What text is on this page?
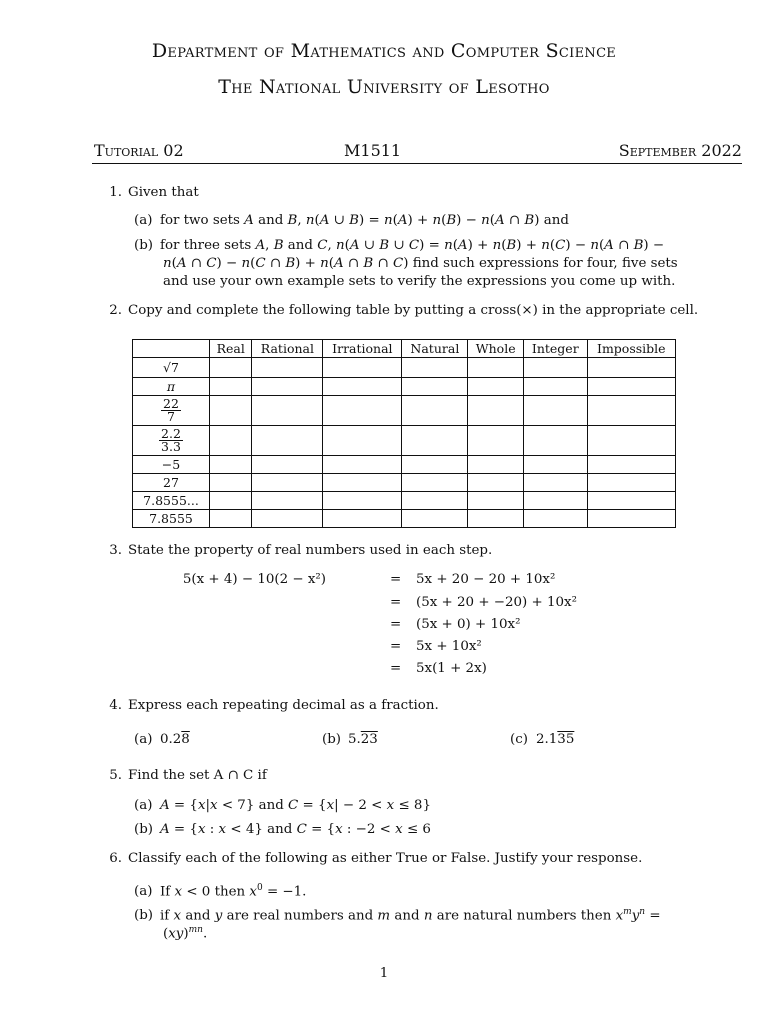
Department of Mathematics and Computer Science
The National University of Lesotho
Tutorial 02	M1511	September 2022
1. Given that
(a) for two sets A and B, n(A ∪ B) = n(A) + n(B) − n(A ∩ B) and
(b) for three sets A, B and C, n(A ∪ B ∪ C) = n(A) + n(B) + n(C) − n(A ∩ B) −
n(A ∩ C) − n(C ∩ B) + n(A ∩ B ∩ C) find such expressions for four, five sets
and use your own example sets to verify the expressions you come up with.
2. Copy and complete the following table by putting a cross(×) in the appropriate cell.
	Real	Rational	Irrational	Natural	Whole	Integer	Impossible
√7							
π							

$\frac{22}{7}$

$\frac{2.2}{3.3}$

−5							
27							
7.8555...							
7.8555							
3. State the property of real numbers used in each step.
5(x + 4) − 10(2 − x²)	= 5x + 20 − 20 + 10x²
= (5x + 20 + −20) + 10x²
= (5x + 0) + 10x²
= 5x + 10x²
= 5x(1 + 2x)
4. Express each repeating decimal as a fraction.
(a) 0.28	(b) 5.23	(c) 2.135
5. Find the set A ∩ C if
(a) A = {x|x < 7} and C = {x| − 2 < x ≤ 8}
(b) A = {x : x < 4} and C = {x : −2 < x ≤ 6
6. Classify each of the following as either True or False. Justify your response.
(a) If x < 0 then $x^0 = -1$.
(b) if x and y are real numbers and m and n are natural numbers then $x^my^n$ =
(xy)$^{mn}$.
1
